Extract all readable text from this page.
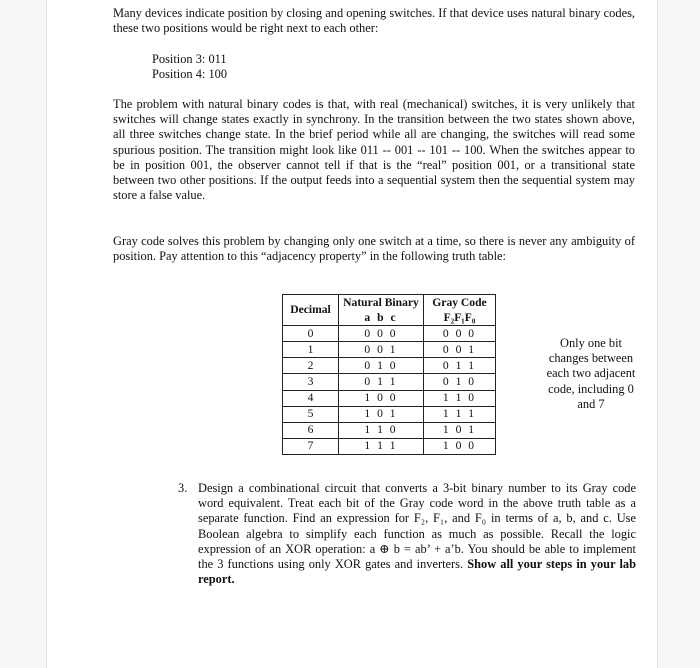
Many devices indicate position by closing and opening switches. If that device uses natural binary codes, these two positions would be right next to each other:

Position 3: 011

Position 4: 100

The problem with natural binary codes is that, with real (mechanical) switches, it is very unlikely that switches will change states exactly in synchrony. In the transition between the two states shown above, all three switches change state. In the brief period while all are changing, the switches will read some spurious position. The transition might look like 011 -- 001 -- 101 -- 100. When the switches appear to be in position 001, the observer cannot tell if that is the “real” position 001, or a transitional state between two other positions. If the output feeds into a sequential system then the sequential system may store a false value.

Gray code solves this problem by changing only one switch at a time, so there is never any ambiguity of position. Pay attention to this “adjacency property” in the following truth table:

Decimal	Natural Binary	Gray Code
	a b c	F₂F₁F₀
0	0 0 0	0 0 0
1	0 0 1	0 0 1
2	0 1 0	0 1 1
3	0 1 1	0 1 0
4	1 0 0	1 1 0
5	1 0 1	1 1 1
6	1 1 0	1 0 1
7	1 1 1	1 0 0

Only one bit changes between each two adjacent code, including 0 and 7

3. Design a combinational circuit that converts a 3-bit binary number to its Gray code word equivalent. Treat each bit of the Gray code word in the above truth table as a separate function. Find an expression for F₂, F₁, and F₀ in terms of a, b, and c. Use Boolean algebra to simplify each function as much as possible. Recall the logic expression of an XOR operation: a ⊕ b = ab’ + a’b. You should be able to implement the 3 functions using only XOR gates and inverters. Show all your steps in your lab report.
